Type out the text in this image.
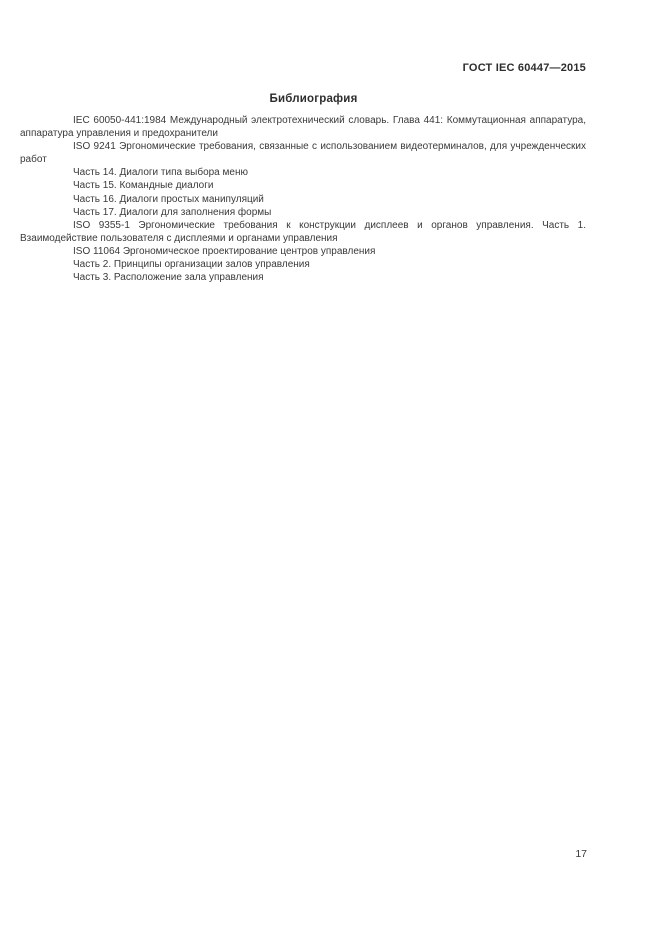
ГОСТ IEC 60447—2015
Библиография

IEC 60050-441:1984 Международный электротехнический словарь. Глава 441: Коммутационная аппаратура, аппаратура управления и предохранители

ISO 9241 Эргономические требования, связанные с использованием видеотерминалов, для учрежденческих работ

Часть 14. Диалоги типа выбора меню

Часть 15. Командные диалоги

Часть 16. Диалоги простых манипуляций

Часть 17. Диалоги для заполнения формы

ISO 9355-1 Эргономические требования к конструкции дисплеев и органов управления. Часть 1. Взаимодействие пользователя с дисплеями и органами управления

ISO 11064 Эргономическое проектирование центров управления

Часть 2. Принципы организации залов управления

Часть 3. Расположение зала управления

17
